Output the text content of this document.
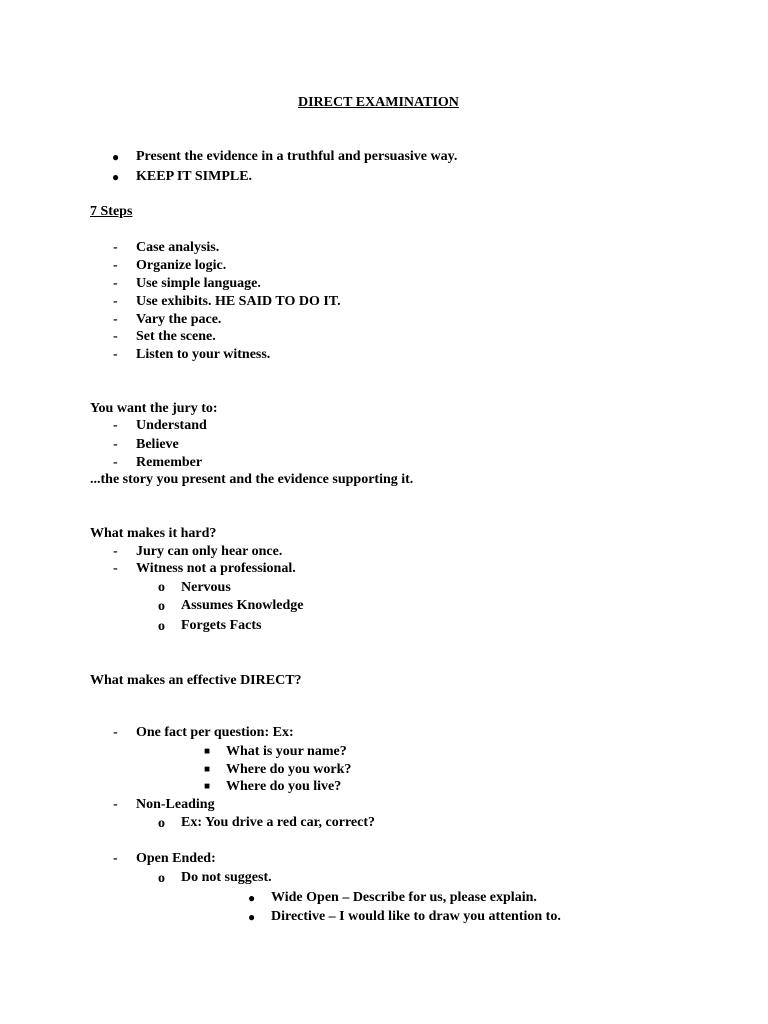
DIRECT EXAMINATION
● Present the evidence in a truthful and persuasive way.
● KEEP IT SIMPLE.
7 Steps
- Case analysis.
- Organize logic.
- Use simple language.
- Use exhibits. HE SAID TO DO IT.
- Vary the pace.
- Set the scene.
- Listen to your witness.
You want the jury to:
- Understand
- Believe
- Remember
...the story you present and the evidence supporting it.
What makes it hard?
- Jury can only hear once.
- Witness not a professional.
o Nervous
o Assumes Knowledge
o Forgets Facts
What makes an effective DIRECT?
- One fact per question: Ex:
■ What is your name?
■ Where do you work?
■ Where do you live?
- Non-Leading
o Ex: You drive a red car, correct?
- Open Ended:
o Do not suggest.
● Wide Open – Describe for us, please explain.
● Directive – I would like to draw you attention to.
